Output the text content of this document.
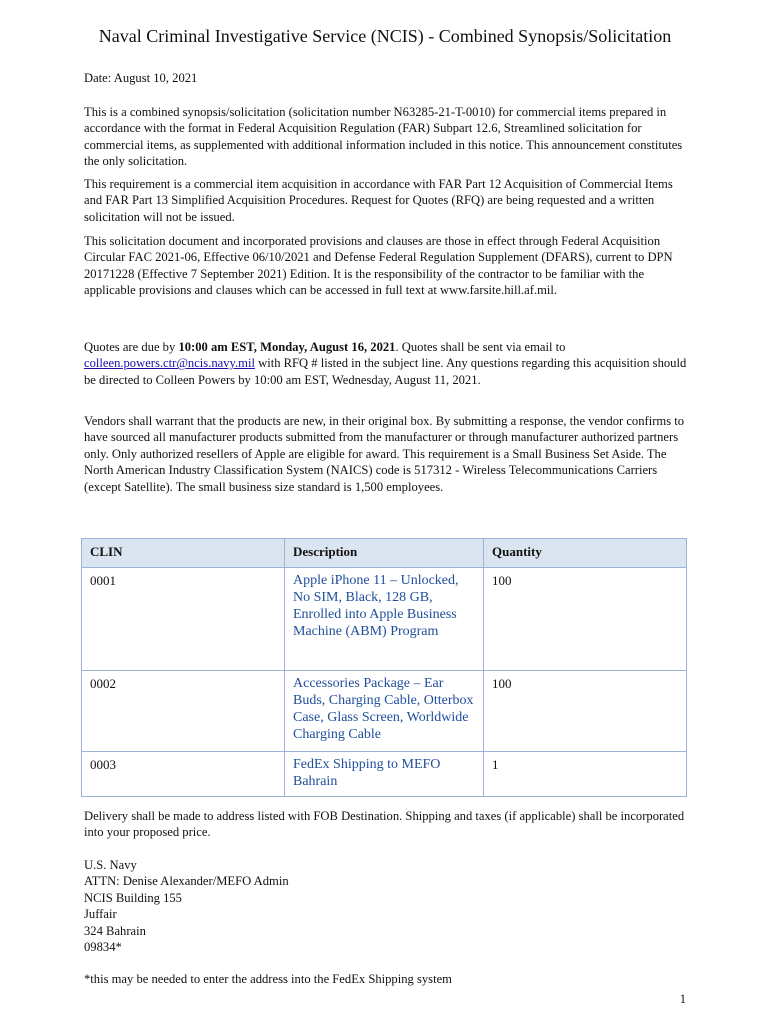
Naval Criminal Investigative Service (NCIS) - Combined Synopsis/Solicitation
Date: August 10, 2021
This is a combined synopsis/solicitation (solicitation number N63285-21-T-0010) for commercial items prepared in accordance with the format in Federal Acquisition Regulation (FAR) Subpart 12.6, Streamlined solicitation for commercial items, as supplemented with additional information included in this notice. This announcement constitutes the only solicitation.
This requirement is a commercial item acquisition in accordance with FAR Part 12 Acquisition of Commercial Items and FAR Part 13 Simplified Acquisition Procedures. Request for Quotes (RFQ) are being requested and a written solicitation will not be issued.
This solicitation document and incorporated provisions and clauses are those in effect through Federal Acquisition Circular FAC 2021-06, Effective 06/10/2021 and Defense Federal Regulation Supplement (DFARS), current to DPN 20171228 (Effective 7 September 2021) Edition. It is the responsibility of the contractor to be familiar with the applicable provisions and clauses which can be accessed in full text at www.farsite.hill.af.mil.
Quotes are due by 10:00 am EST, Monday, August 16, 2021. Quotes shall be sent via email to
colleen.powers.ctr@ncis.navy.mil with RFQ # listed in the subject line. Any questions regarding this acquisition should be directed to Colleen Powers by 10:00 am EST, Wednesday, August 11, 2021.
Vendors shall warrant that the products are new, in their original box. By submitting a response, the vendor confirms to have sourced all manufacturer products submitted from the manufacturer or through manufacturer authorized partners only. Only authorized resellers of Apple are eligible for award. This requirement is a Small Business Set Aside. The North American Industry Classification System (NAICS) code is 517312 - Wireless Telecommunications Carriers (except Satellite). The small business size standard is 1,500 employees.
CLIN	Description	Quantity
0001	Apple iPhone 11 – Unlocked, No SIM, Black, 128 GB, Enrolled into Apple Business Machine (ABM) Program	100
0002	Accessories Package – Ear Buds, Charging Cable, Otterbox Case, Glass Screen, Worldwide Charging Cable	100
0003	FedEx Shipping to MEFO Bahrain	1
Delivery shall be made to address listed with FOB Destination. Shipping and taxes (if applicable) shall be incorporated into your proposed price.
U.S. Navy
ATTN: Denise Alexander/MEFO Admin
NCIS Building 155
Juffair
324 Bahrain
09834*
*this may be needed to enter the address into the FedEx Shipping system
1
